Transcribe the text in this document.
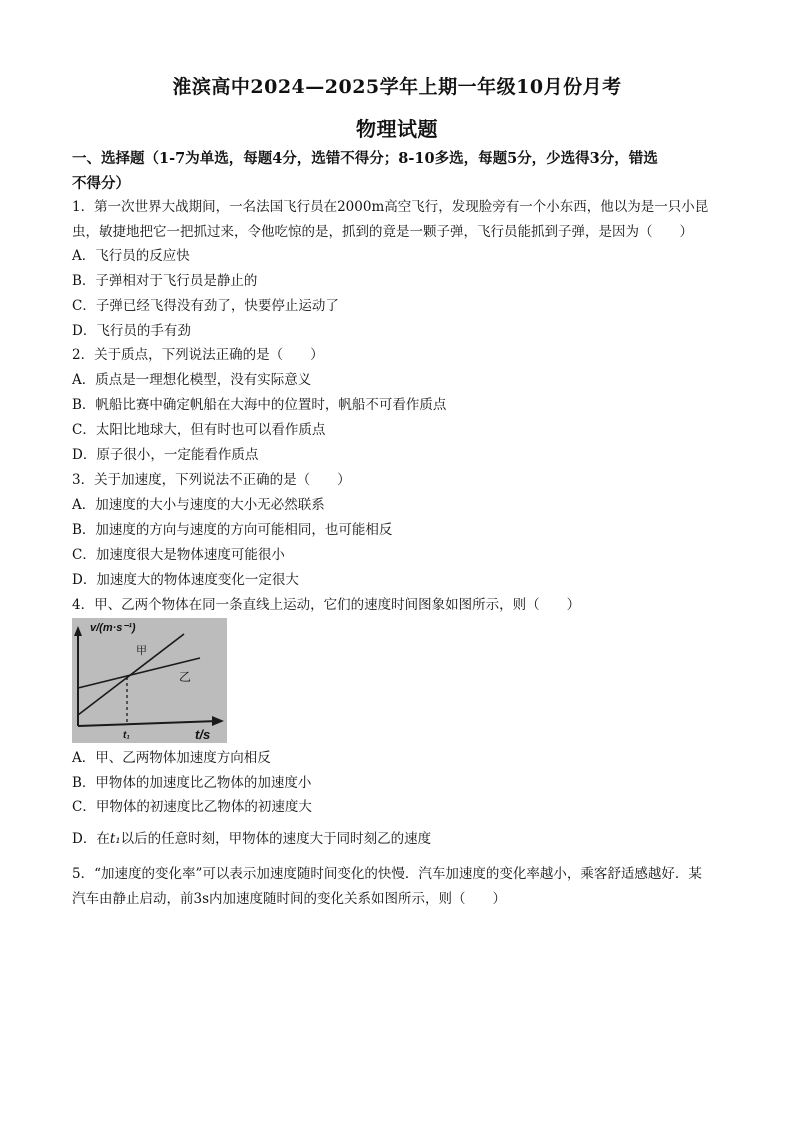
淮滨高中2024—2025学年上期一年级10月份月考
物理试题
一、选择题（1-7为单选，每题4分，选错不得分；8-10多选，每题5分，少选得3分，错选
不得分）
1．第一次世界大战期间，一名法国飞行员在2000m高空飞行，发现脸旁有一个小东西，他以为是一只小昆
虫，敏捷地把它一把抓过来，令他吃惊的是，抓到的竟是一颗子弹，飞行员能抓到子弹，是因为（　　）
A．飞行员的反应快
B．子弹相对于飞行员是静止的
C．子弹已经飞得没有劲了，快要停止运动了
D．飞行员的手有劲
2．关于质点，下列说法正确的是（　　）
A．质点是一理想化模型，没有实际意义
B．帆船比赛中确定帆船在大海中的位置时，帆船不可看作质点
C．太阳比地球大，但有时也可以看作质点
D．原子很小，一定能看作质点
3．关于加速度，下列说法不正确的是（　　）
A．加速度的大小与速度的大小无必然联系
B．加速度的方向与速度的方向可能相同，也可能相反
C．加速度很大是物体速度可能很小
D．加速度大的物体速度变化一定很大
4．甲、乙两个物体在同一条直线上运动，它们的速度时间图象如图所示，则（　　）
v/(m·s⁻¹)
t/s
t₁
甲
乙
A．甲、乙两物体加速度方向相反
B．甲物体的加速度比乙物体的加速度小
C．甲物体的初速度比乙物体的初速度大
D．在t₁以后的任意时刻，甲物体的速度大于同时刻乙的速度
5．“加速度的变化率”可以表示加速度随时间变化的快慢．汽车加速度的变化率越小，乘客舒适感越好．某
汽车由静止启动，前3s内加速度随时间的变化关系如图所示，则（　　）
